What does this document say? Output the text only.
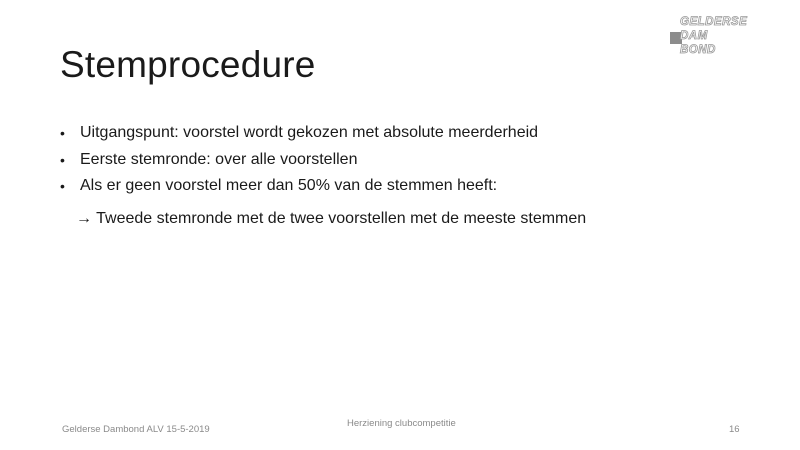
GELDERSE
DAM
BOND
Stemprocedure
• Uitgangspunt: voorstel wordt gekozen met absolute meerderheid
• Eerste stemronde: over alle voorstellen
• Als er geen voorstel meer dan 50% van de stemmen heeft:
→ Tweede stemronde met de twee voorstellen met de meeste stemmen
Gelderse Dambond ALV 15-5-2019
Herziening clubcompetitie
16
